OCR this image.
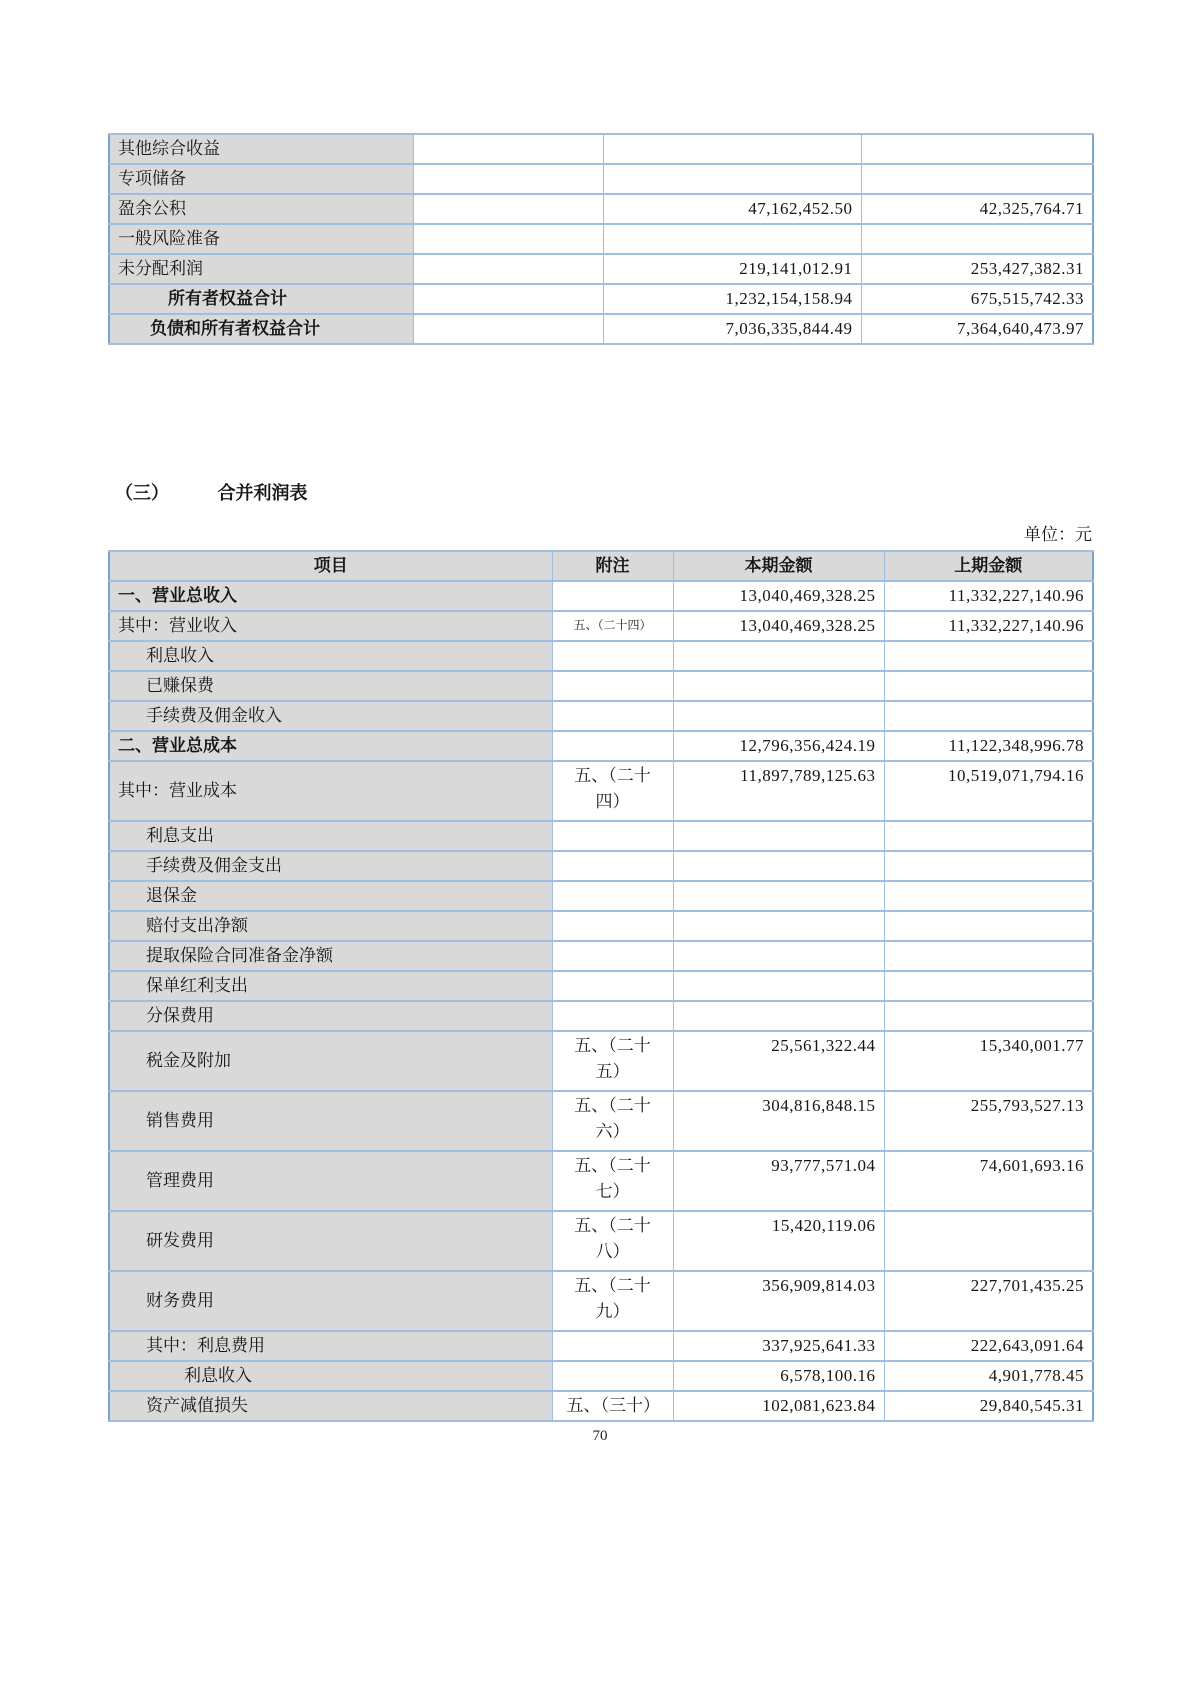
其他综合收益	

专项储备	

盈余公积		47,162,452.50	42,325,764.71
一般风险准备	

未分配利润		219,141,012.91	253,427,382.31
所有者权益合计		1,232,154,158.94	675,515,742.33
负债和所有者权益合计		7,036,335,844.49	7,364,640,473.97
（三）	合并利润表
单位：元
项目	附注	本期金额	上期金额
一、营业总收入		13,040,469,328.25	11,332,227,140.96
其中：营业收入	五、（二十四）	13,040,469,328.25	11,332,227,140.96
利息收入	

已赚保费	

手续费及佣金收入	

二、营业总成本		12,796,356,424.19	11,122,348,996.78
其中：营业成本	五、（二十四）	11,897,789,125.63	10,519,071,794.16
利息支出	

手续费及佣金支出	

退保金	

赔付支出净额	

提取保险合同准备金净额	

保单红利支出	

分保费用	

税金及附加	五、（二十五）	25,561,322.44	15,340,001.77
销售费用	五、（二十六）	304,816,848.15	255,793,527.13
管理费用	五、（二十七）	93,777,571.04	74,601,693.16
研发费用	五、（二十八）	15,420,119.06	
财务费用	五、（二十九）	356,909,814.03	227,701,435.25
其中：利息费用		337,925,641.33	222,643,091.64
利息收入		6,578,100.16	4,901,778.45
资产减值损失	五、（三十）	102,081,623.84	29,840,545.31
70
